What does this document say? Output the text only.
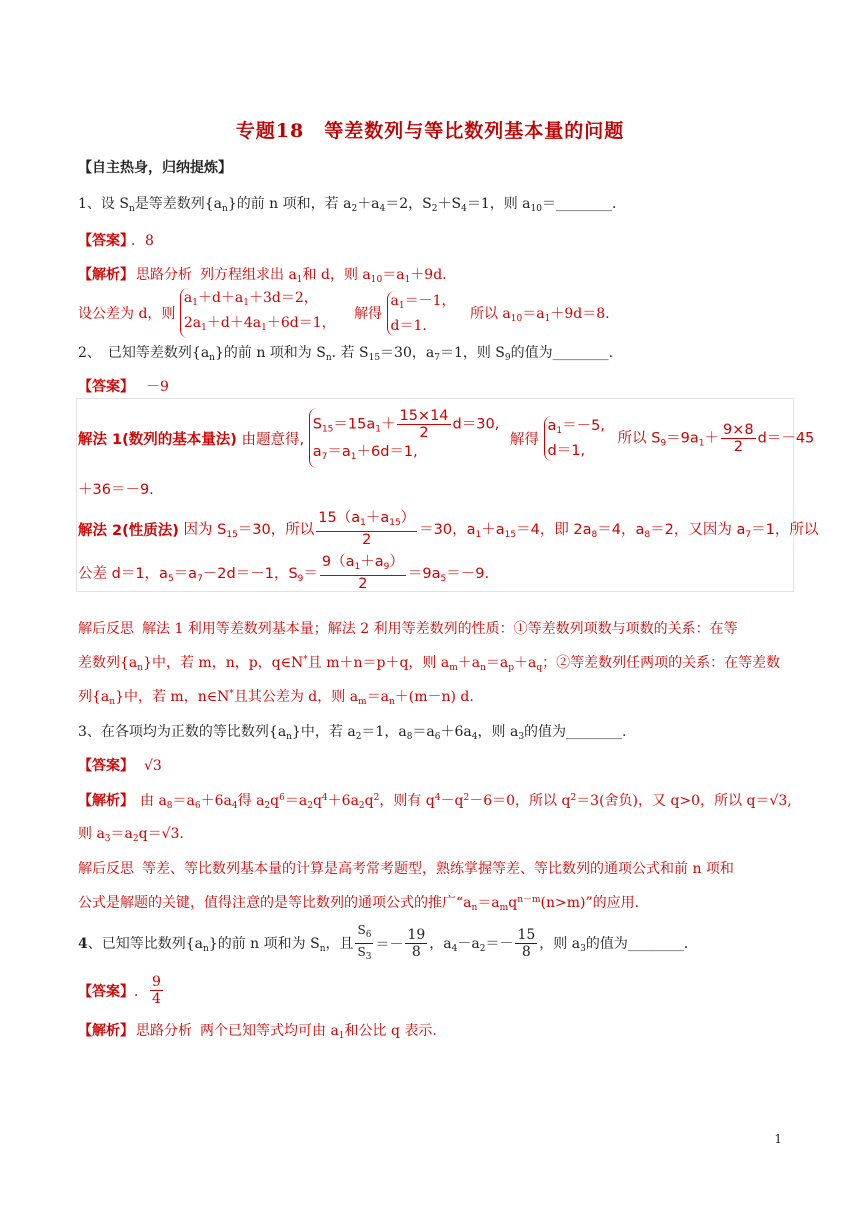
专题18　等差数列与等比数列基本量的问题
【自主热身，归纳提炼】
1、设 $S_n$是等差数列$\{a_n\}$的前 n 项和，若 $a_2+a_4=2$，$S_2+S_4=1$，则 $a_{10}=\_\_\_\_\_\_\_\_$．
【答案】 ．8
【解析】 思路分析 列方程组求出 $a_1$和 d，则 $a_{10}=a_1+9d$.
设公差为 d，则
$a_1+d+a_1+3d=2$，
$2a_1+d+4a_1+6d=1$，
解得
$a_1=-1$，
d＝1.
所以 $a_{10}=a_1+9d=8$.
2、　已知等差数列$\{a_n\}$的前 n 项和为 $S_n$. 若 $S_{15}=30$，$a_7=1$，则 $S_9$的值为________.
【答案】 －9
解法 1(数列的基本量法) 由题意得,
$S_{15}=15a_1+ \frac{15\times 14}{2} d=30$,
$a_7=a_1+6d=1$,
解得
$a_1=-5$,
d＝1,
所以 $S_9=9a_1+ \frac{9\times 8}{2} d=-45$
＋36＝－9.
解法 2(性质法) 因为 $S_{15}=30$，所以 $\frac{15(a_1+a_{15})}{2} =30$，$a_1+a_{15}=4$，即 $2a_8=4$，$a_8=2$，又因为 $a_7=1$，所以
公差 d＝1，$a_5=a_7-2d=-1$，$S_9= \frac{9(a_1+a_9)}{2} =9a_5=-9$.
解后反思 解法 1 利用等差数列基本量；解法 2 利用等差数列的性质：①等差数列项数与项数的关系：在等
差数列$\{a_n\}$中，若 m，n，p，q∈N*且 m＋n＝p＋q，则 $a_m+a_n=a_p+a_q$；②等差数列任两项的关系：在等差数
列$\{a_n\}$中，若 m，n∈N*且其公差为 d，则 $a_m=a_n+(m-n)$ d.
3、在各项均为正数的等比数列$\{a_n\}$中，若 $a_2=1$，$a_8=a_6+6a_4$，则 $a_3$的值为________.
【答案】 √3
【解析】 由 $a_8=a_6+6a_4$得 $a_2q^6=a_2q^4+6a_2q^2$，则有 $q^4-q^2-6=0$，所以 $q^2=3$(舍负)，又 q>0，所以 q＝√3,
则 $a_3=a_2q=√3$.
解后反思 等差、等比数列基本量的计算是高考常考题型，熟练掌握等差、等比数列的通项公式和前 n 项和
公式是解题的关键，值得注意的是等比数列的通项公式的推广“$a_n=a_mq^{n-m}(n>m)$”的应用.
4、已知等比数列$\{a_n\}$的前 n 项和为 $S_n$，且 $\frac{S_6}{S_3} =- \frac{19}{8}$ ，$a_4-a_2=- \frac{15}{8}$ ，则 $a_3$的值为________．
【答案】． $\frac{9}{4}$
【解析】 思路分析 两个已知等式均可由 $a_1$和公比 q 表示.
1
